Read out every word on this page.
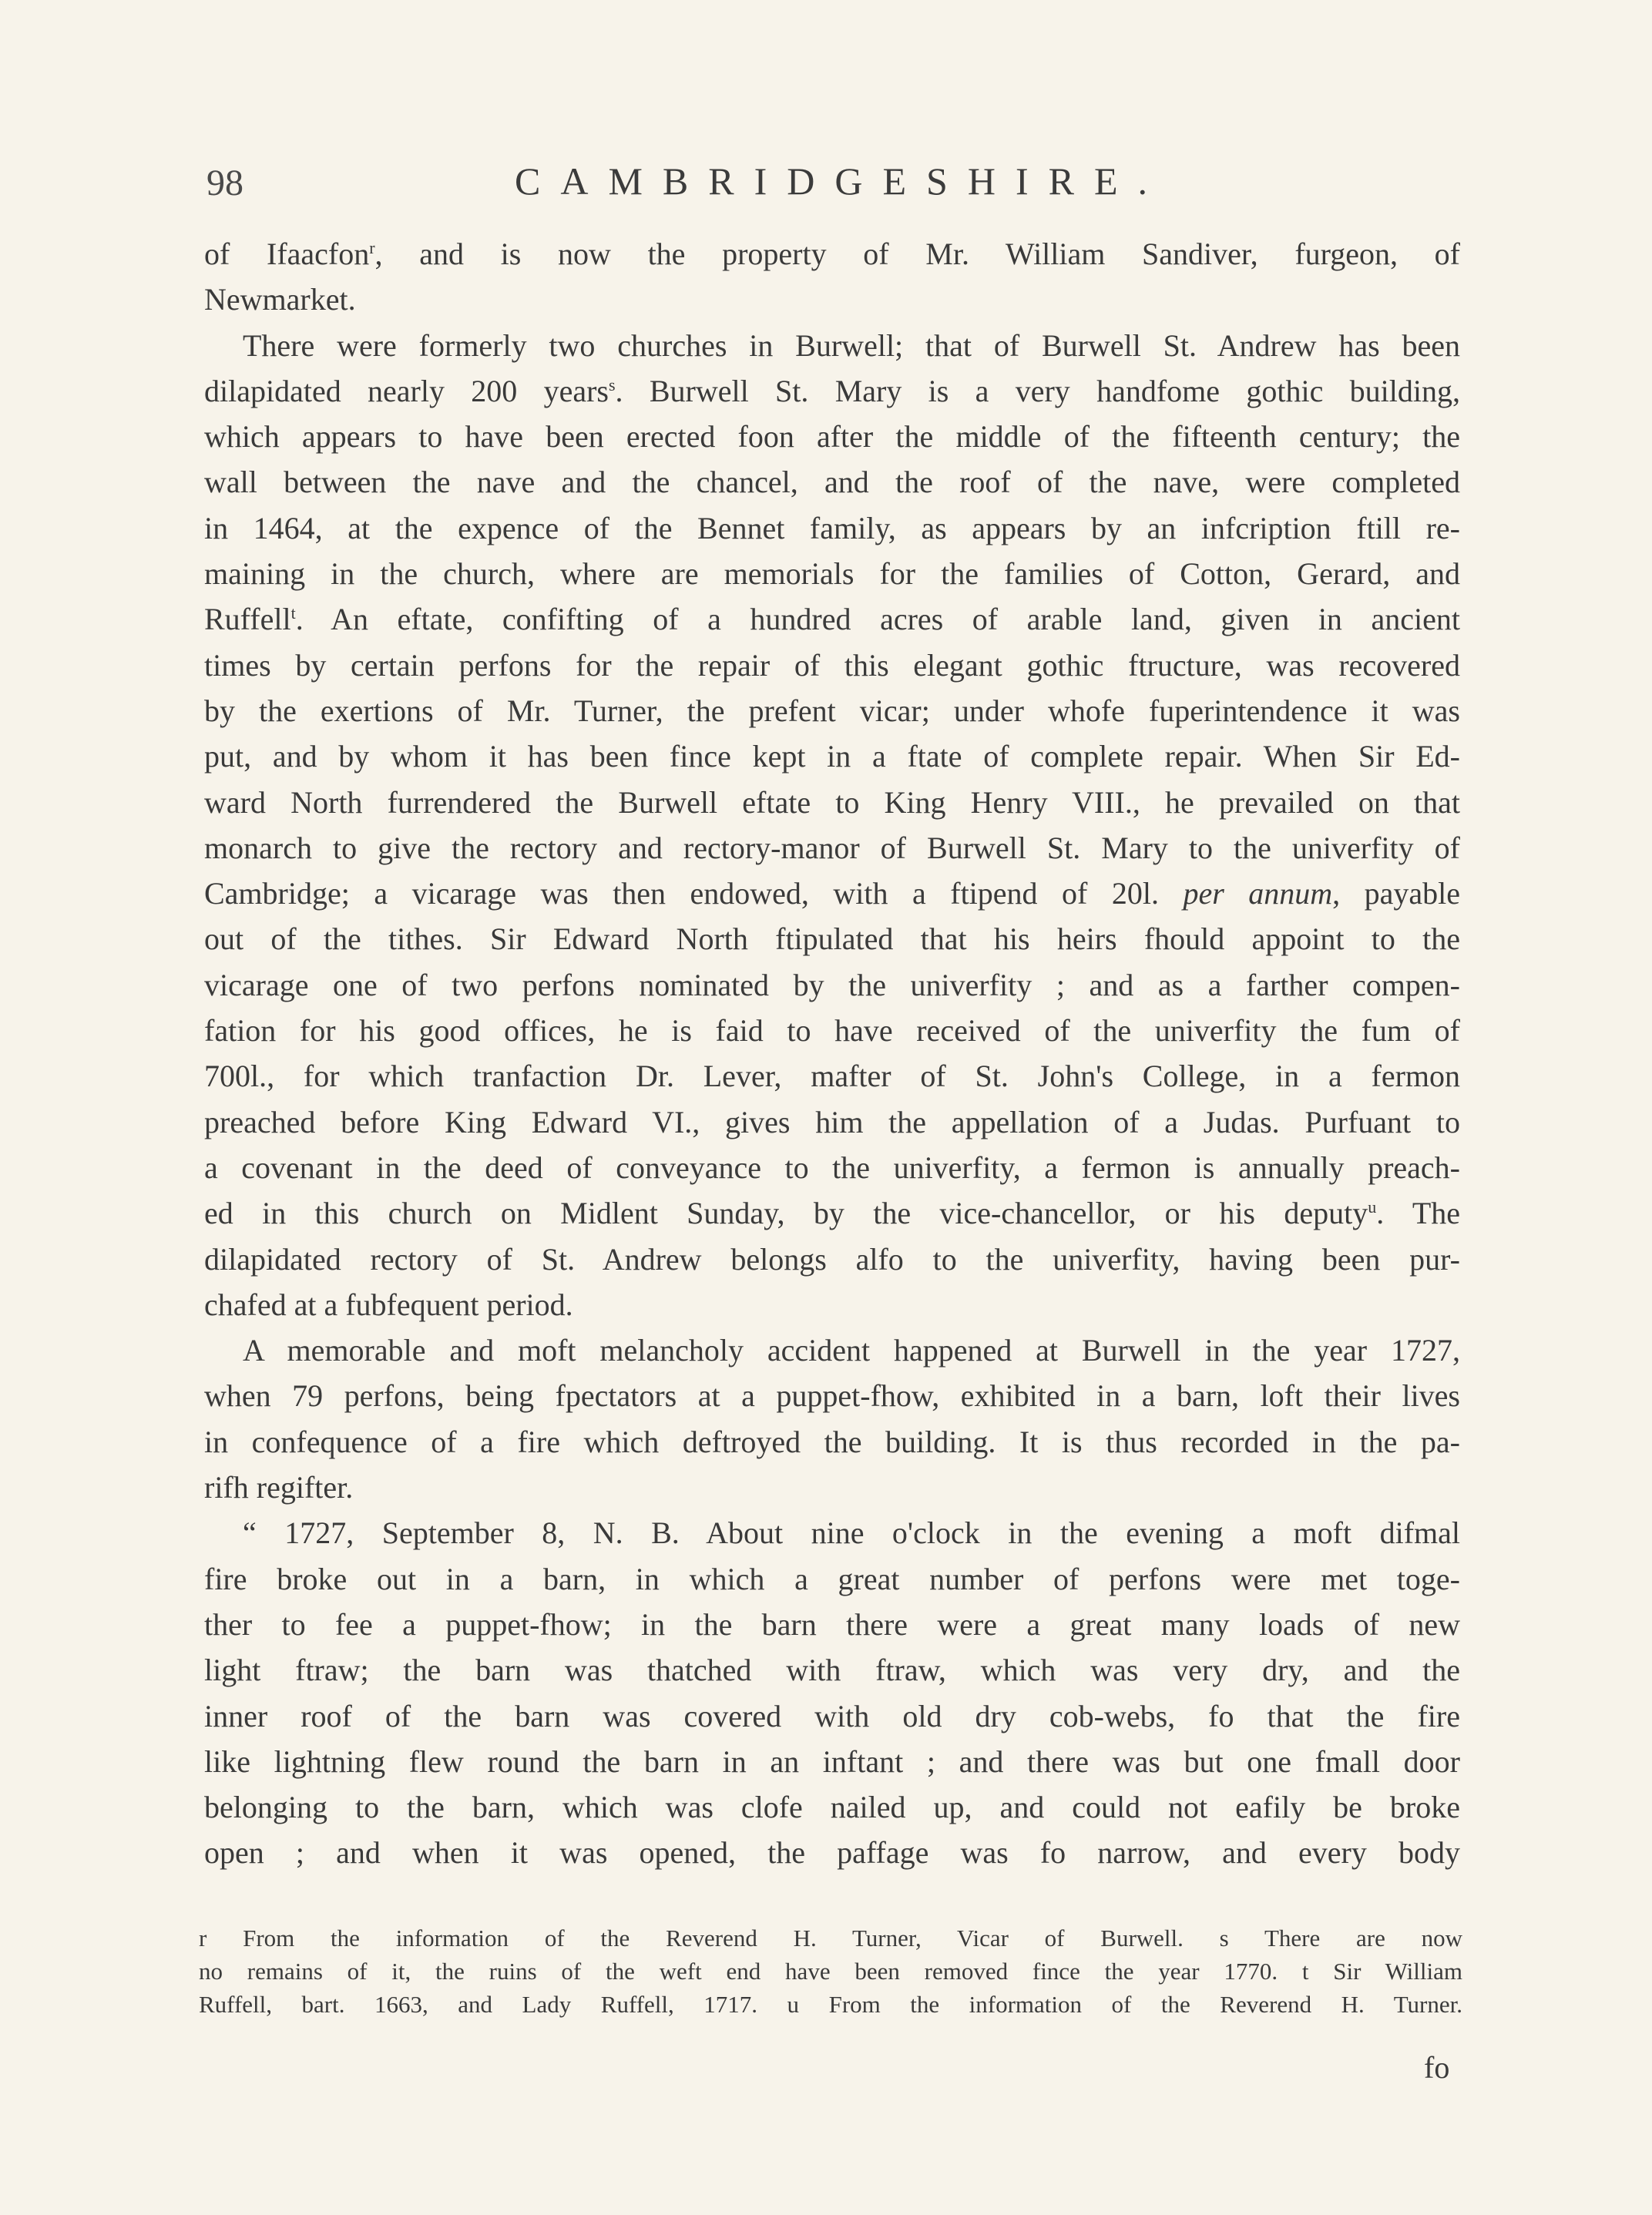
98	CAMBRIDGESHIRE.
of Ifaacfon$^r$, and is now the property of Mr. William Sandiver, furgeon, of
Newmarket.
There were formerly two churches in Burwell; that of Burwell St. Andrew has been
dilapidated nearly 200 years$^s$. Burwell St. Mary is a very handfome gothic building,
which appears to have been erected foon after the middle of the fifteenth century; the
wall between the nave and the chancel, and the roof of the nave, were completed
in 1464, at the expence of the Bennet family, as appears by an infcription ftill re-
maining in the church, where are memorials for the families of Cotton, Gerard, and
Ruffell$^t$. An eftate, confifting of a hundred acres of arable land, given in ancient
times by certain perfons for the repair of this elegant gothic ftructure, was recovered
by the exertions of Mr. Turner, the prefent vicar; under whofe fuperintendence it was
put, and by whom it has been fince kept in a ftate of complete repair. When Sir Ed-
ward North furrendered the Burwell eftate to King Henry VIII., he prevailed on that
monarch to give the rectory and rectory-manor of Burwell St. Mary to the univerfity of
Cambridge; a vicarage was then endowed, with a ftipend of 20l. per annum, payable
out of the tithes. Sir Edward North ftipulated that his heirs fhould appoint to the
vicarage one of two perfons nominated by the univerfity ; and as a farther compen-
fation for his good offices, he is faid to have received of the univerfity the fum of
700l., for which tranfaction Dr. Lever, mafter of St. John's College, in a fermon
preached before King Edward VI., gives him the appellation of a Judas. Purfuant to
a covenant in the deed of conveyance to the univerfity, a fermon is annually preach-
ed in this church on Midlent Sunday, by the vice-chancellor, or his deputy$^u$. The
dilapidated rectory of St. Andrew belongs alfo to the univerfity, having been pur-
chafed at a fubfequent period.
A memorable and moft melancholy accident happened at Burwell in the year 1727,
when 79 perfons, being fpectators at a puppet-fhow, exhibited in a barn, loft their lives
in confequence of a fire which deftroyed the building. It is thus recorded in the pa-
rifh regifter.
“ 1727, September 8, N. B. About nine o'clock in the evening a moft difmal
fire broke out in a barn, in which a great number of perfons were met toge-
ther to fee a puppet-fhow; in the barn there were a great many loads of new
light ftraw; the barn was thatched with ftraw, which was very dry, and the
inner roof of the barn was covered with old dry cob-webs, fo that the fire
like lightning flew round the barn in an inftant ; and there was but one fmall door
belonging to the barn, which was clofe nailed up, and could not eafily be broke
open ; and when it was opened, the paffage was fo narrow, and every body
r From the information of the Reverend H. Turner, Vicar of Burwell. s There are now
no remains of it, the ruins of the weft end have been removed fince the year 1770. t Sir William
Ruffell, bart. 1663, and Lady Ruffell, 1717. u From the information of the Reverend H. Turner.
fo
